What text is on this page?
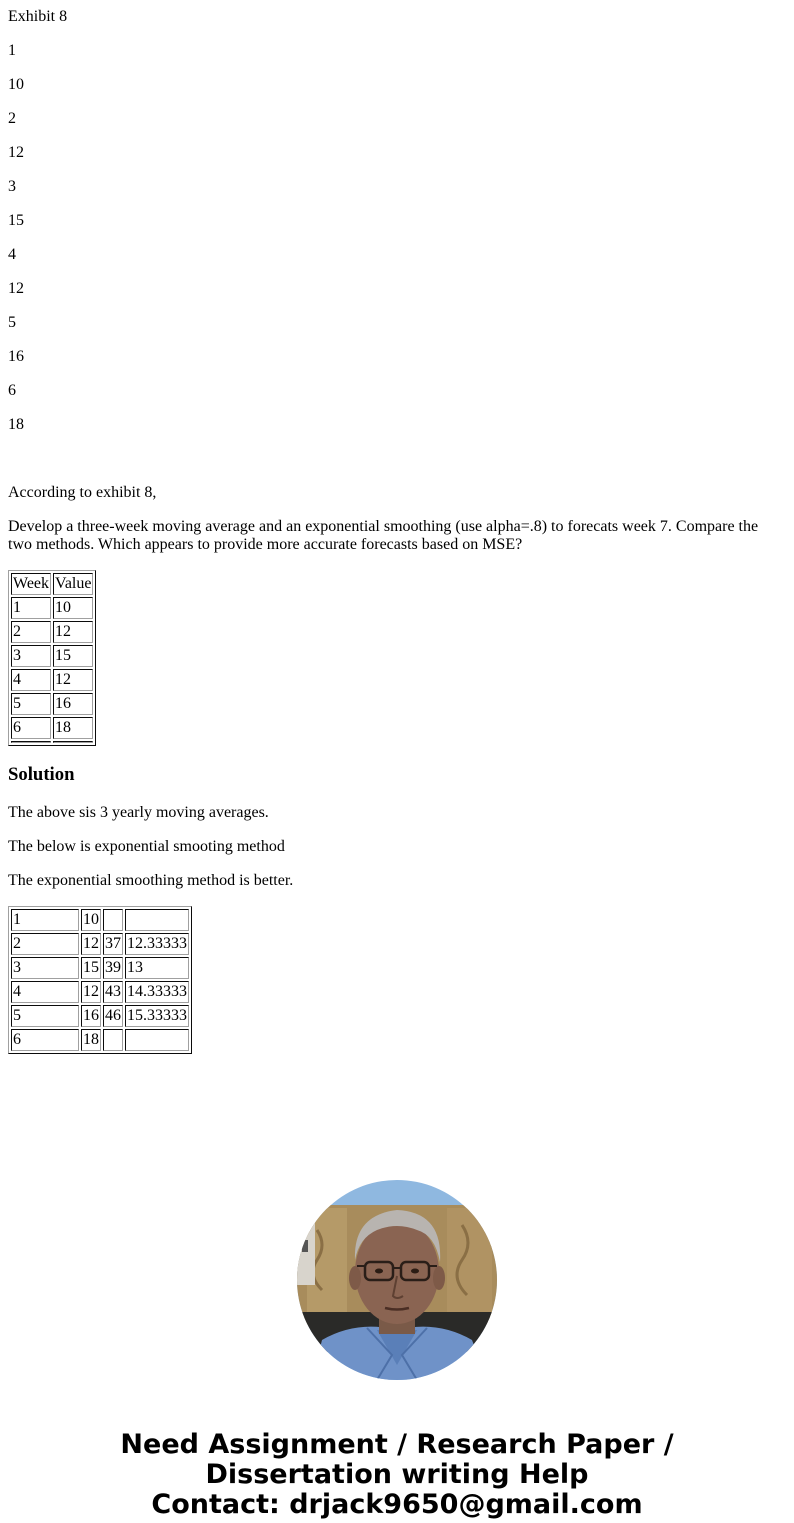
Exhibit 8

1

10

2

12

3

15

4

12

5

16

6

18

According to exhibit 8,

Develop a three-week moving average and an exponential smoothing (use alpha=.8) to forecats week 7. Compare the two methods. Which appears to provide more accurate forecasts based on MSE?

Week	Value
1	10
2	12
3	15
4	12
5	16
6	18

Solution

The above sis 3 yearly moving averages.

The below is exponential smooting method

The exponential smoothing method is better.

1	10		
2	12	37	12.33333
3	15	39	13
4	12	43	14.33333
5	16	46	15.33333
6	18		
Need Assignment / Research Paper / Dissertation writing Help
Contact: drjack9650@gmail.com
